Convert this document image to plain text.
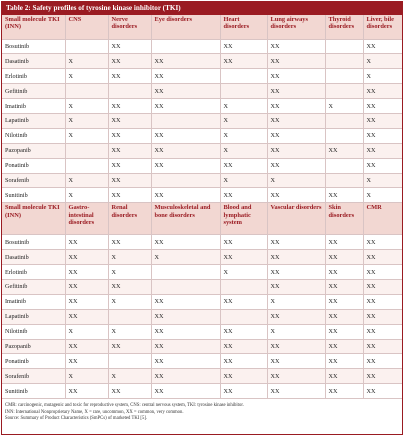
Table 2: Safety profiles of tyrosine kinase inhibitor (TKI)
Small molecule TKI (INN)	CNS	Nerve disorders	Eye disorders	Heart disorders	Lung airways disorders	Thyroid disorders	Liver, bile disorders
Bosutinib		XX		XX	XX		XX
Dasatinib	X	XX	XX	XX	XX		X
Erlotinib	X	XX	XX		XX		X
Gefitinib			XX		XX		XX
Imatinib	X	XX	XX	X	XX	X	XX
Lapatinib	X	XX		X	XX		XX
Nilotinib	X	XX	XX	X	XX		XX
Pazopanib		XX	XX	X	XX	XX	XX
Ponatinib		XX	XX	XX	XX		XX
Sorafenib	X	XX		X	X		X
Sunitinib	X	XX	XX	XX	XX	XX	X
Small molecule TKI (INN)	Gastro-intestinal disorders	Renal disorders	Musculoskeletal and bone disorders	Blood and lymphatic system	Vascular disorders	Skin disorders	CMR
Bosutinib	XX	XX	XX	XX	XX	XX	XX
Dasatinib	XX	X	X	XX	XX	XX	XX
Erlotinib	XX	X		X	XX	XX	XX
Gefitinib	XX	XX			XX	XX	XX
Imatinib	XX	X	XX	XX	X	XX	XX
Lapatinib	XX		XX		XX	XX	XX
Nilotinib	X	X	XX	XX	X	XX	XX
Pazopanib	XX	XX	XX	XX	XX	XX	XX
Ponatinib	XX		XX	XX	XX	XX	XX
Sorafenib	X	X	XX	XX	XX	XX	XX
Sunitinib	XX	XX	XX	XX	XX	XX	XX
CMR: carcinogenic, mutagenic and toxic for reproductive system, CNS: central nervous system, TKI: tyrosine kinase inhibitor.
INN: International Nonproprietary Name, X = rare, uncommon, XX = common, very common.
Source: Summary of Product Characteristics (SmPCs) of marketed TKI [5].
